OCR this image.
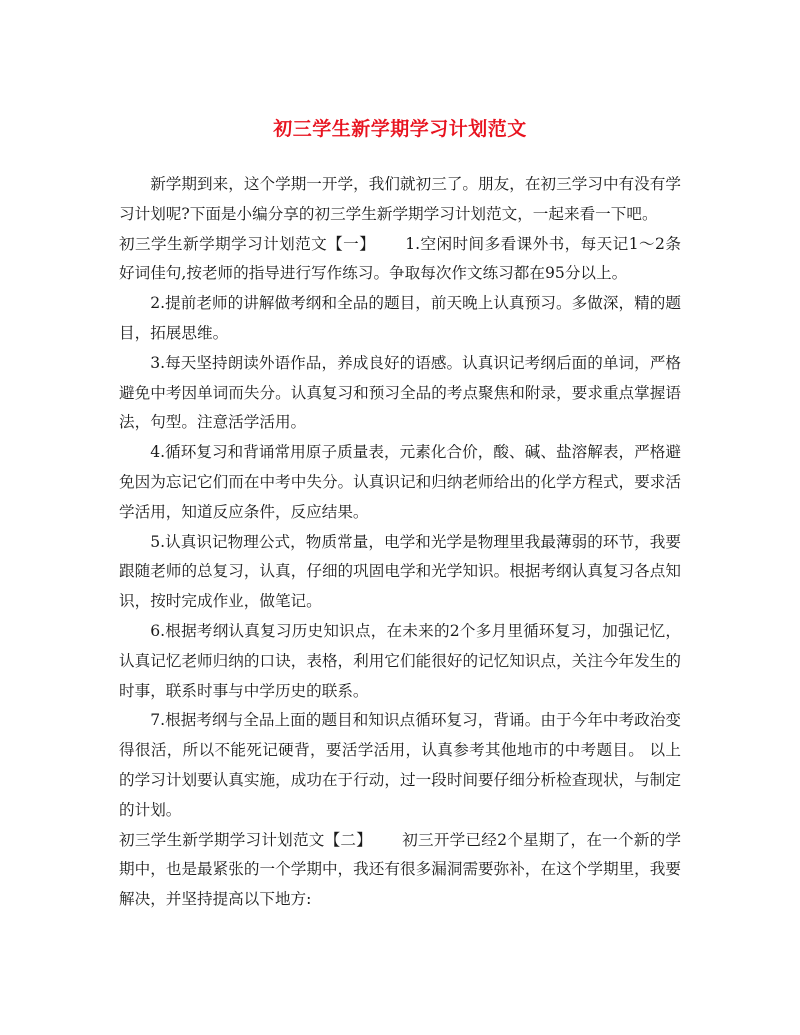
初三学生新学期学习计划范文

新学期到来，这个学期一开学，我们就初三了。朋友，在初三学习中有没有学习计划呢?下面是小编分享的初三学生新学期学习计划范文，一起来看一下吧。

初三学生新学期学习计划范文【一】 1.空闲时间多看课外书，每天记1～2条好词佳句,按老师的指导进行写作练习。争取每次作文练习都在95分以上。

2.提前老师的讲解做考纲和全品的题目，前天晚上认真预习。多做深，精的题目，拓展思维。

3.每天坚持朗读外语作品，养成良好的语感。认真识记考纲后面的单词，严格避免中考因单词而失分。认真复习和预习全品的考点聚焦和附录，要求重点掌握语法，句型。注意活学活用。

4.循环复习和背诵常用原子质量表，元素化合价，酸、碱、盐溶解表，严格避免因为忘记它们而在中考中失分。认真识记和归纳老师给出的化学方程式，要求活学活用，知道反应条件，反应结果。

5.认真识记物理公式，物质常量，电学和光学是物理里我最薄弱的环节，我要跟随老师的总复习，认真，仔细的巩固电学和光学知识。根据考纲认真复习各点知识，按时完成作业，做笔记。

6.根据考纲认真复习历史知识点，在未来的2个多月里循环复习，加强记忆，认真记忆老师归纳的口诀，表格，利用它们能很好的记忆知识点，关注今年发生的时事，联系时事与中学历史的联系。

7.根据考纲与全品上面的题目和知识点循环复习，背诵。由于今年中考政治变得很活，所以不能死记硬背，要活学活用，认真参考其他地市的中考题目。 以上的学习计划要认真实施，成功在于行动，过一段时间要仔细分析检查现状，与制定的计划。

初三学生新学期学习计划范文【二】 初三开学已经2个星期了，在一个新的学期中，也是最紧张的一个学期中，我还有很多漏洞需要弥补，在这个学期里，我要解决，并坚持提高以下地方:
